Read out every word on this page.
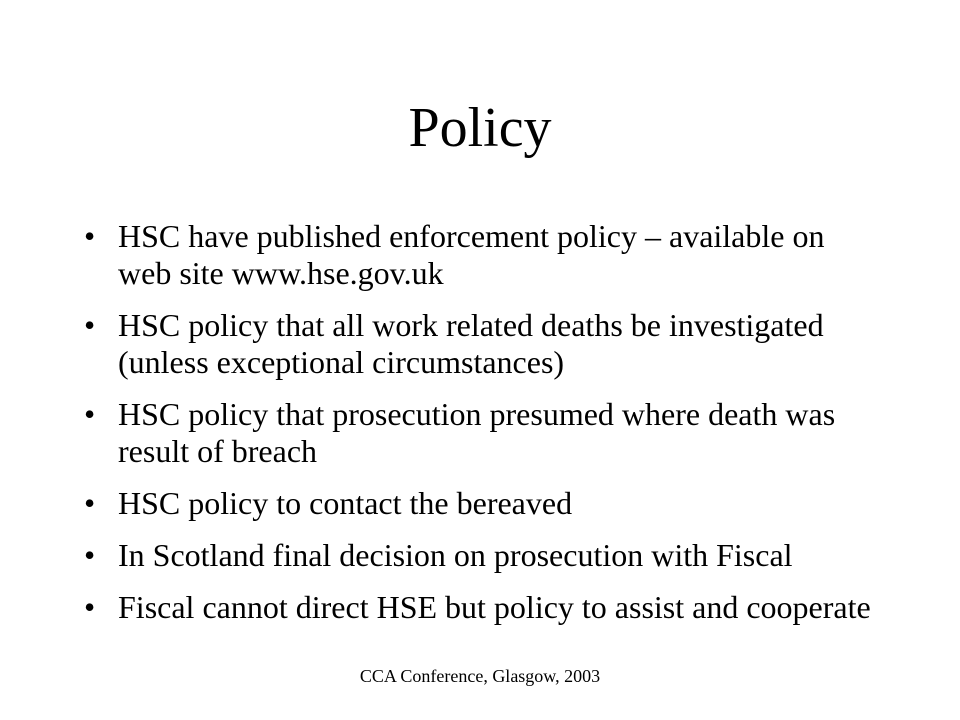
Policy
• HSC have published enforcement policy – available on web site www.hse.gov.uk
• HSC policy that all work related deaths be investigated (unless exceptional circumstances)
• HSC policy that prosecution presumed where death was result of breach
• HSC policy to contact the bereaved
• In Scotland final decision on prosecution with Fiscal
• Fiscal cannot direct HSE but policy to assist and cooperate
CCA Conference, Glasgow, 2003
